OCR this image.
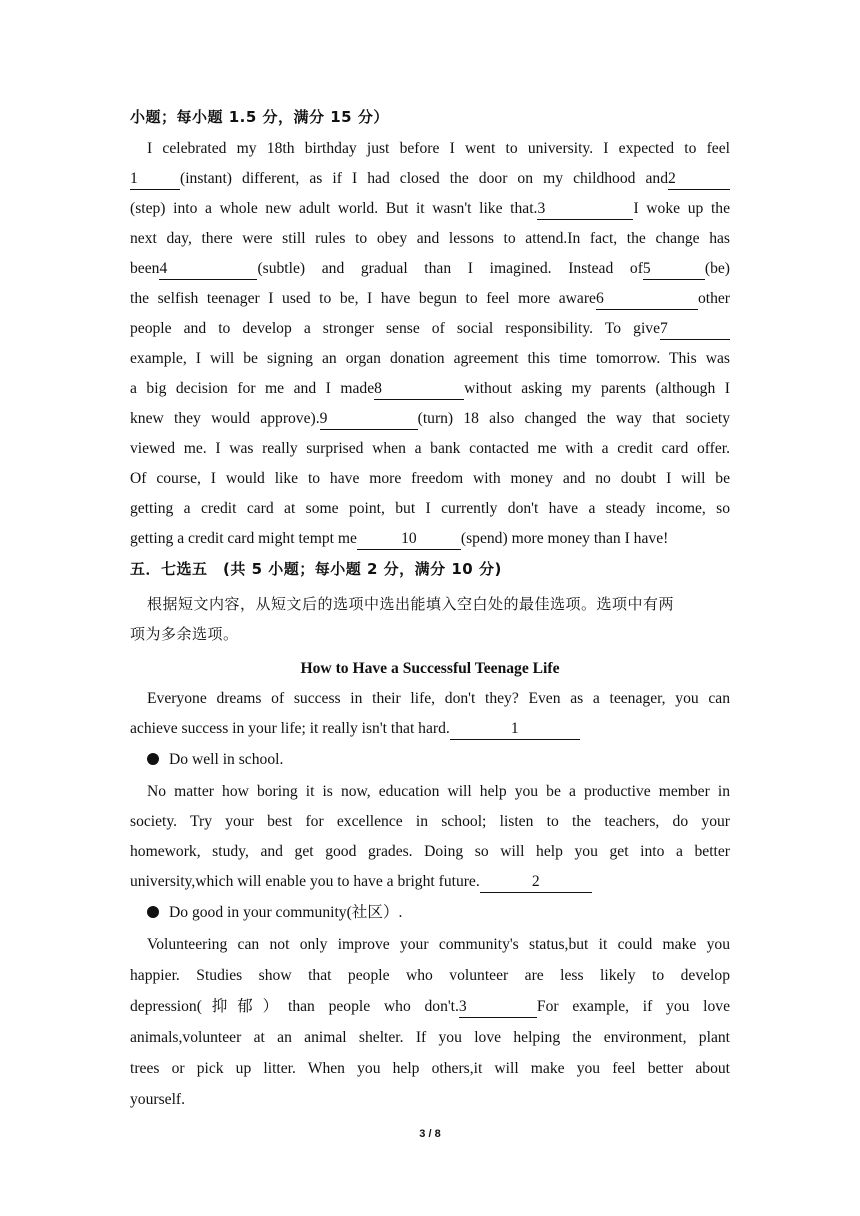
小题；每小题 1.5 分，满分 15 分）
I celebrated my 18th birthday just before I went to university. I expected to feel
1	(instant) different, as if I had closed the door on my childhood and2
(step) into a whole new adult world. But it wasn't like that.3	I woke up the
next day, there were still rules to obey and lessons to attend.In fact, the change has
been4	(subtle) and gradual than I imagined. Instead of5	(be)
the selfish teenager I used to be, I have begun to feel more aware6	other
people and to develop a stronger sense of social responsibility. To give7
example, I will be signing an organ donation agreement this time tomorrow. This was
a big decision for me and I made8	without asking my parents (although I
knew they would approve).9	(turn) 18 also changed the way that society
viewed me. I was really surprised when a bank contacted me with a credit card offer.
Of course, I would like to have more freedom with money and no doubt I will be
getting a credit card at some point, but I currently don't have a steady income, so
getting a credit card might tempt me	10	(spend) more money than I have!
五．七选五　(共 5 小题；每小题 2 分，满分 10 分)
根据短文内容，从短文后的选项中选出能填入空白处的最佳选项。选项中有两
项为多余选项。
How to Have a Successful Teenage Life
Everyone dreams of success in their life, don't they? Even as a teenager, you can
achieve success in your life; it really isn't that hard.	1
Do well in school.
No matter how boring it is now, education will help you be a productive member in
society. Try your best for excellence in school; listen to the teachers, do your
homework, study, and get good grades. Doing so will help you get into a better
university,which will enable you to have a bright future.	2
Do good in your community(社区）.
Volunteering can not only improve your community's status,but it could make you
happier. Studies show that people who volunteer are less likely to develop
depression(抑郁）than people who don't.3	For example, if you love
animals,volunteer at an animal shelter. If you love helping the environment, plant
trees or pick up litter. When you help others,it will make you feel better about
yourself.
3 / 8
